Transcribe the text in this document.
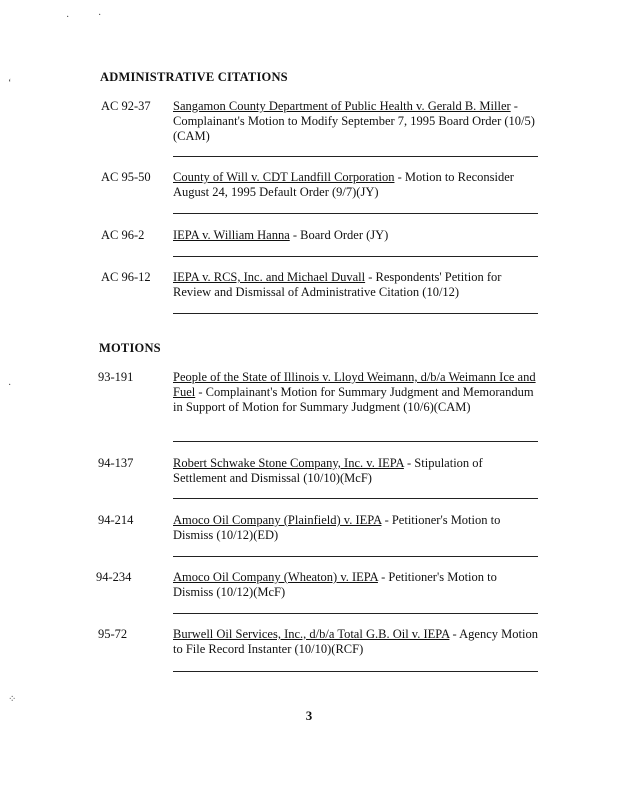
·	·
‘
·
⁘
ADMINISTRATIVE CITATIONS
AC 92-37 Sangamon County Department of Public Health v. Gerald B. Miller - Complainant's Motion to Modify September 7, 1995 Board Order (10/5)(CAM)
AC 95-50 County of Will v. CDT Landfill Corporation - Motion to Reconsider August 24, 1995 Default Order (9/7)(JY)
AC 96-2 IEPA v. William Hanna - Board Order (JY)
AC 96-12 IEPA v. RCS, Inc. and Michael Duvall - Respondents' Petition for Review and Dismissal of Administrative Citation (10/12)
MOTIONS
93-191	People of the State of Illinois v. Lloyd Weimann, d/b/a Weimann Ice and Fuel - Complainant's Motion for Summary Judgment and Memorandum in Support of Motion for Summary Judgment (10/6)(CAM)
94-137	Robert Schwake Stone Company, Inc. v. IEPA - Stipulation of Settlement and Dismissal (10/10)(McF)
94-214	Amoco Oil Company (Plainfield) v. IEPA - Petitioner's Motion to Dismiss (10/12)(ED)
94-234	Amoco Oil Company (Wheaton) v. IEPA - Petitioner's Motion to Dismiss (10/12)(McF)
95-72	Burwell Oil Services, Inc., d/b/a Total G.B. Oil v. IEPA - Agency Motion to File Record Instanter (10/10)(RCF)
3
